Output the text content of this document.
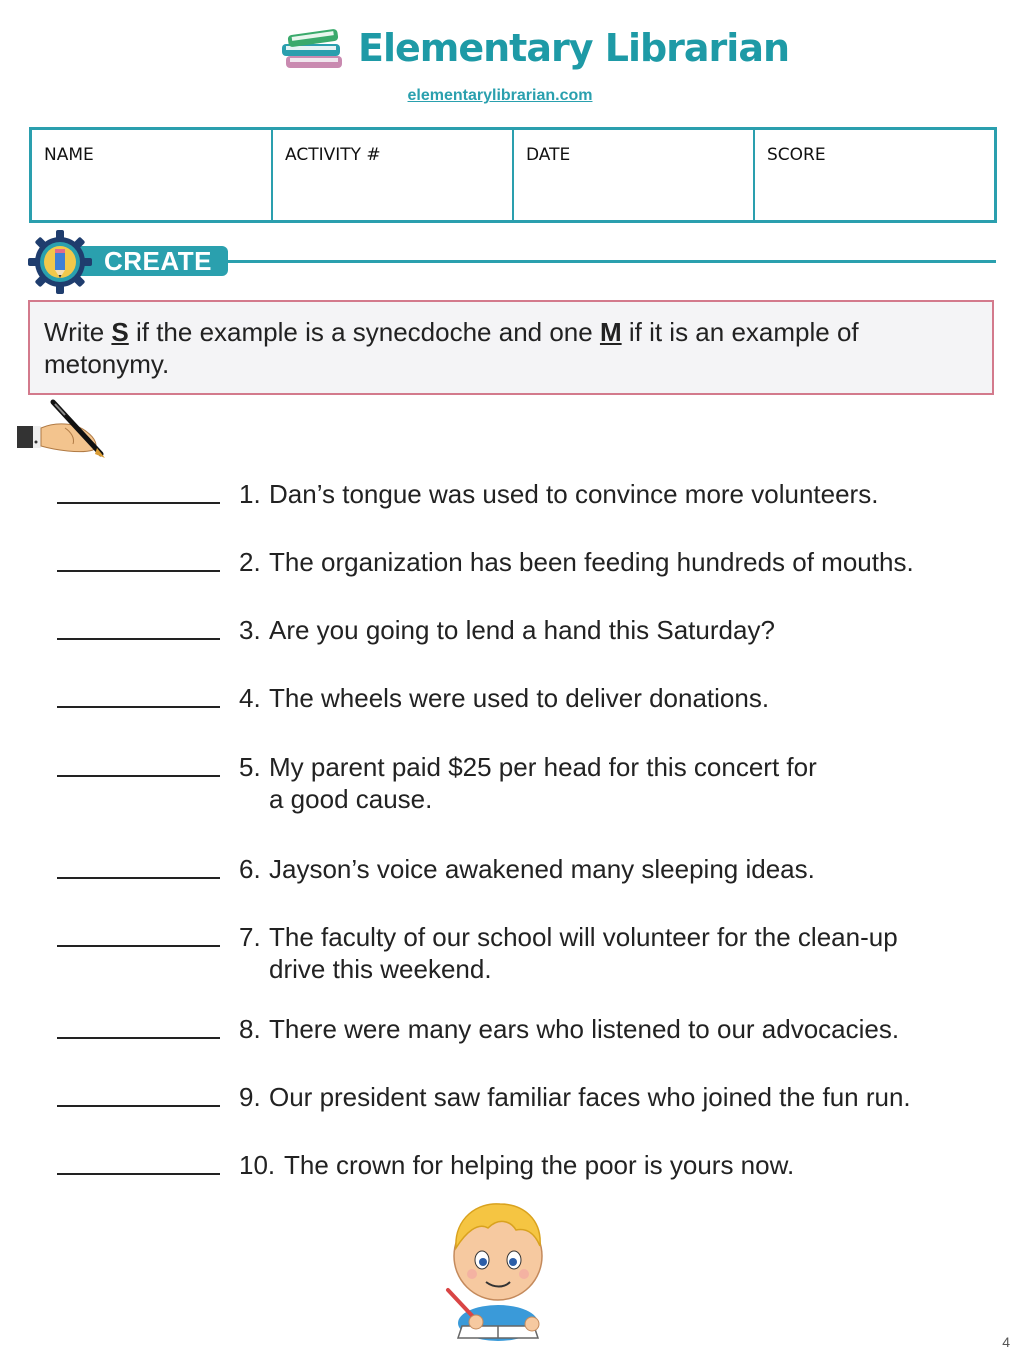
Elementary Librarian
elementarylibrarian.com
NAME	ACTIVITY #	DATE	SCORE
CREATE
Write S if the example is a synecdoche and one M if it is an example of
metonymy.
1. Dan’s tongue was used to convince more volunteers.
2. The organization has been feeding hundreds of mouths.
3. Are you going to lend a hand this Saturday?
4. The wheels were used to deliver donations.
5. My parent paid $25 per head for this concert for
a good cause.
6. Jayson’s voice awakened many sleeping ideas.
7. The faculty of our school will volunteer for the clean-up
drive this weekend.
8. There were many ears who listened to our advocacies.
9. Our president saw familiar faces who joined the fun run.
10. The crown for helping the poor is yours now.
4
